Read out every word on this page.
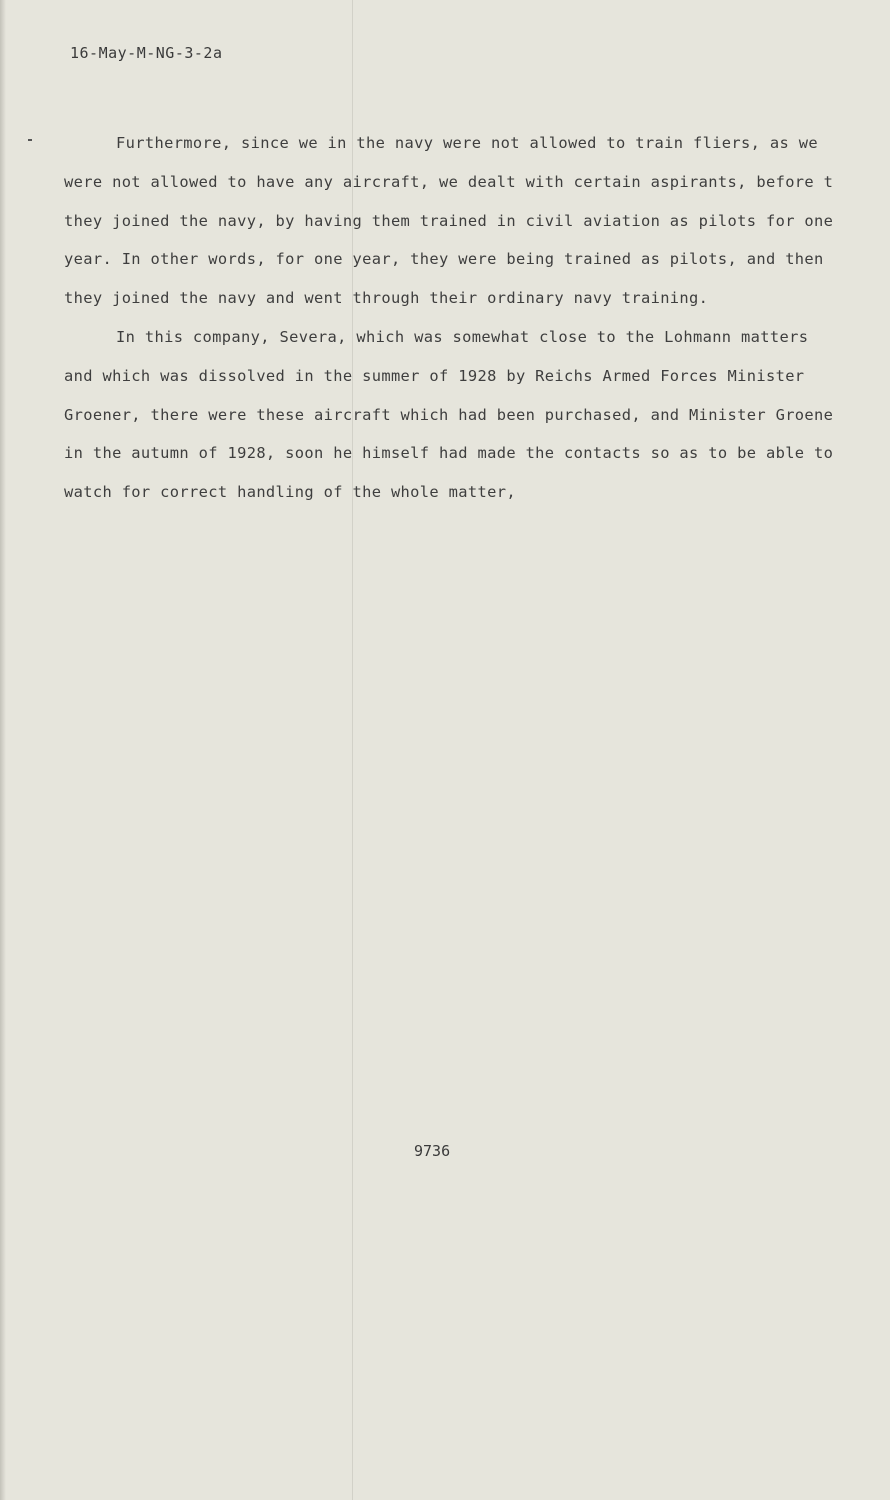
16-May-M-NG-3-2a
Furthermore, since we in the navy were not allowed to train fliers, as we
were not allowed to have any aircraft, we dealt with certain aspirants, before t
they joined the navy, by having them trained in civil aviation as pilots for one
year. In other words, for one year, they were being trained as pilots, and then
they joined the navy and went through their ordinary navy training.
In this company, Severa, which was somewhat close to the Lohmann matters
and which was dissolved in the summer of 1928 by Reichs Armed Forces Minister
Groener, there were these aircraft which had been purchased, and Minister Groene
in the autumn of 1928, soon he himself had made the contacts so as to be able to
watch for correct handling of the whole matter,
9736
